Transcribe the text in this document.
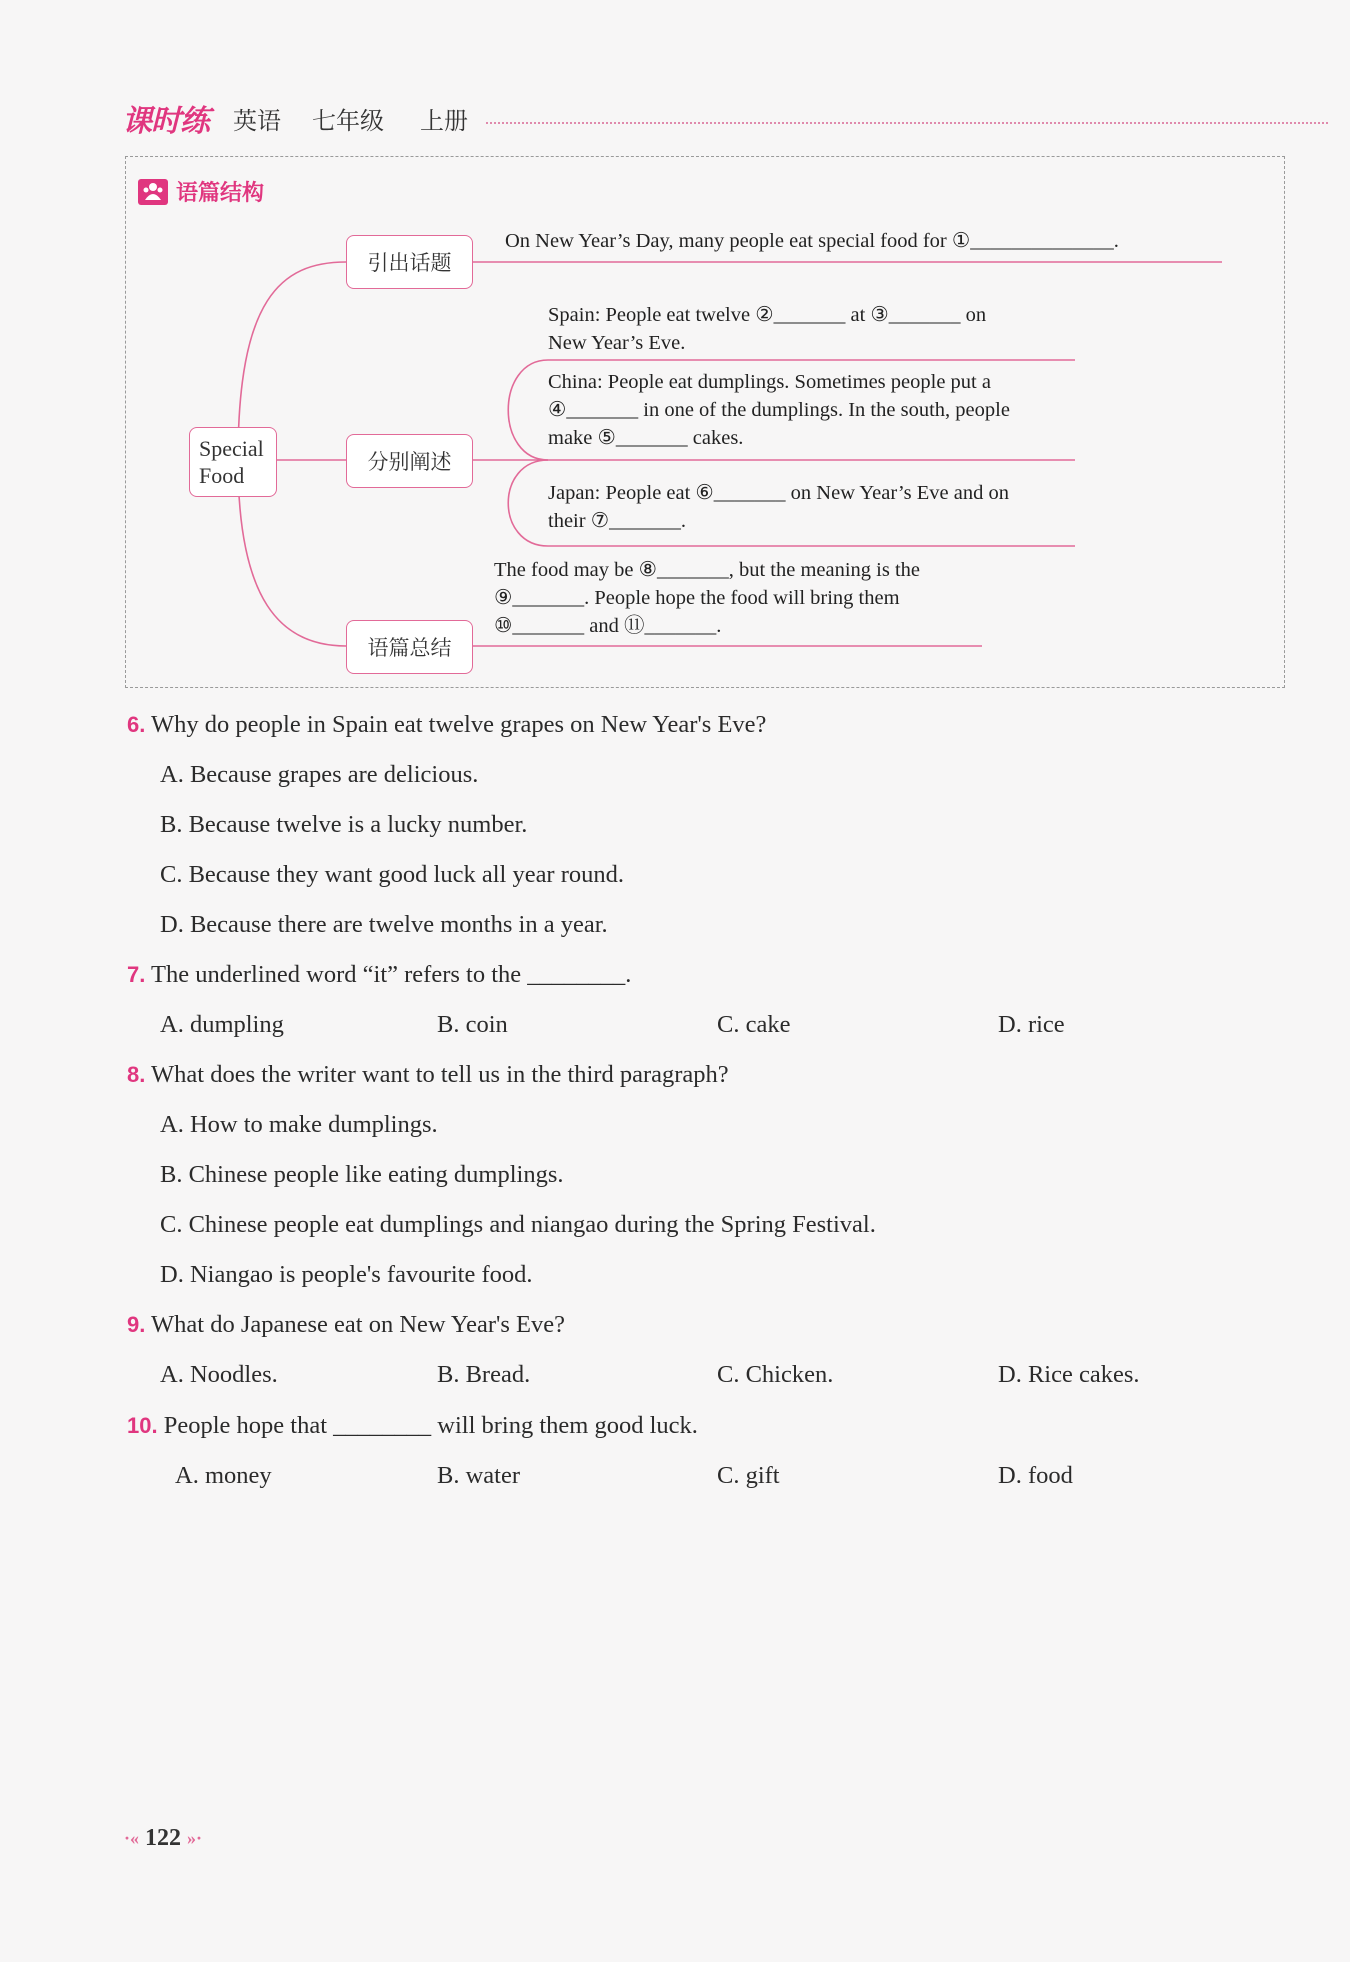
课时练 英语 七年级 上册
语篇结构
Special
Food
引出话题
分别阐述
语篇总结
On New Year’s Day, many people eat special food for ①______________.
Spain: People eat twelve ②_______ at ③_______ on
New Year’s Eve.
China: People eat dumplings. Sometimes people put a
④_______ in one of the dumplings. In the south, people
make ⑤_______ cakes.
Japan: People eat ⑥_______ on New Year’s Eve and on
their ⑦_______.
The food may be ⑧_______, but the meaning is the
⑨_______. People hope the food will bring them
⑩_______ and ⑪_______.
6. Why do people in Spain eat twelve grapes on New Year's Eve?
A. Because grapes are delicious.
B. Because twelve is a lucky number.
C. Because they want good luck all year round.
D. Because there are twelve months in a year.
7. The underlined word “it” refers to the ________.
A. dumpling	B. coin	C. cake	D. rice
8. What does the writer want to tell us in the third paragraph?
A. How to make dumplings.
B. Chinese people like eating dumplings.
C. Chinese people eat dumplings and niangao during the Spring Festival.
D. Niangao is people's favourite food.
9. What do Japanese eat on New Year's Eve?
A. Noodles.	B. Bread.	C. Chicken.	D. Rice cakes.
10. People hope that ________ will bring them good luck.
A. money	B. water	C. gift	D. food
·« 122 »·
